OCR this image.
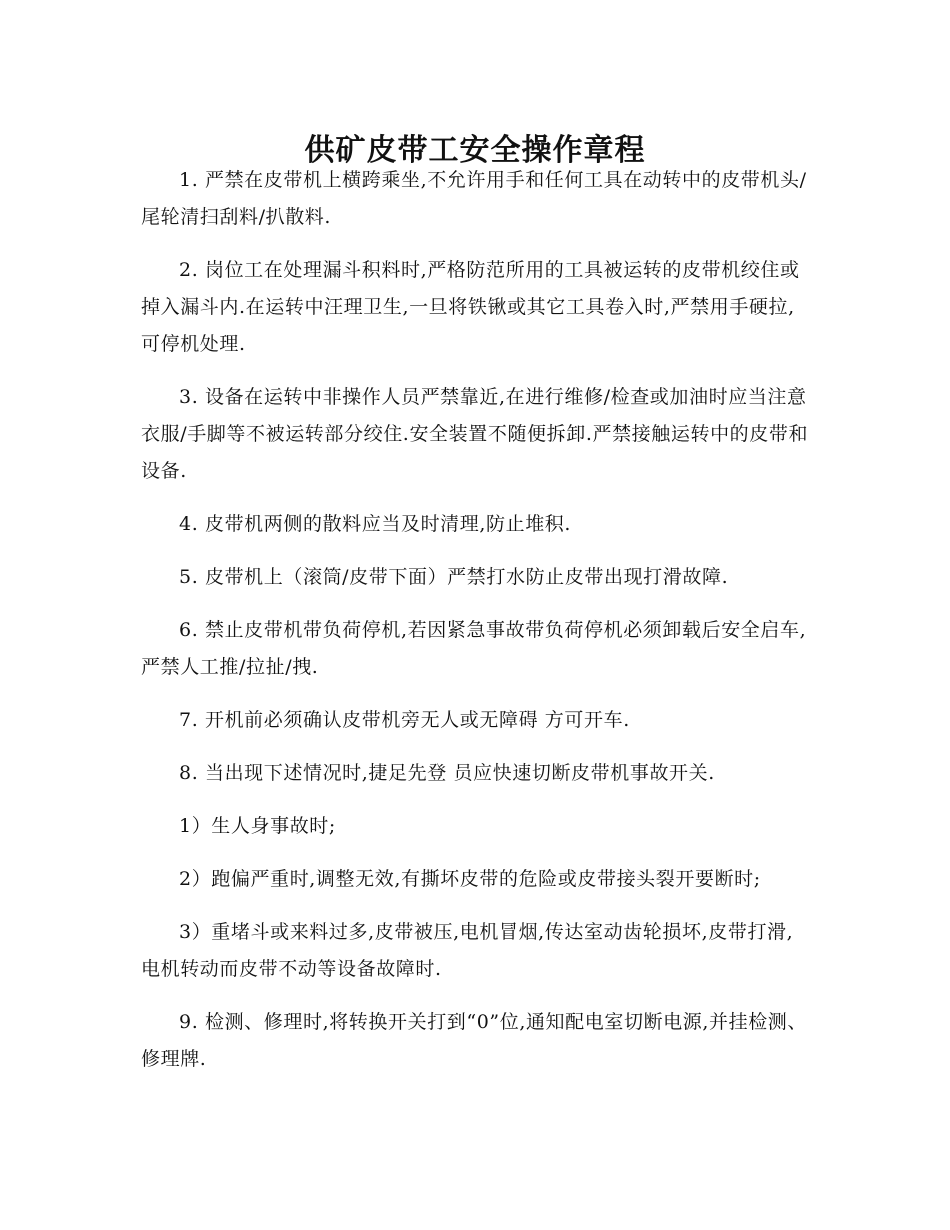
供矿皮带工安全操作章程

1. 严禁在皮带机上横跨乘坐,不允许用手和任何工具在动转中的皮带机头/尾轮清扫刮料/扒散料.

2. 岗位工在处理漏斗积料时,严格防范所用的工具被运转的皮带机绞住或掉入漏斗内.在运转中汪理卫生,一旦将铁锹或其它工具卷入时,严禁用手硬拉,可停机处理.

3. 设备在运转中非操作人员严禁靠近,在进行维修/检查或加油时应当注意衣服/手脚等不被运转部分绞住.安全装置不随便拆卸.严禁接触运转中的皮带和设备.

4. 皮带机两侧的散料应当及时清理,防止堆积.

5. 皮带机上（滚筒/皮带下面）严禁打水防止皮带出现打滑故障.

6. 禁止皮带机带负荷停机,若因紧急事故带负荷停机必须卸载后安全启车,严禁人工推/拉扯/拽.

7. 开机前必须确认皮带机旁无人或无障碍 方可开车.

8. 当出现下述情况时,捷足先登 员应快速切断皮带机事故开关.

1）生人身事故时;

2）跑偏严重时,调整无效,有撕坏皮带的危险或皮带接头裂开要断时;

3）重堵斗或来料过多,皮带被压,电机冒烟,传达室动齿轮损坏,皮带打滑,电机转动而皮带不动等设备故障时.

9. 检测、修理时,将转换开关打到“0”位,通知配电室切断电源,并挂检测、修理牌.
